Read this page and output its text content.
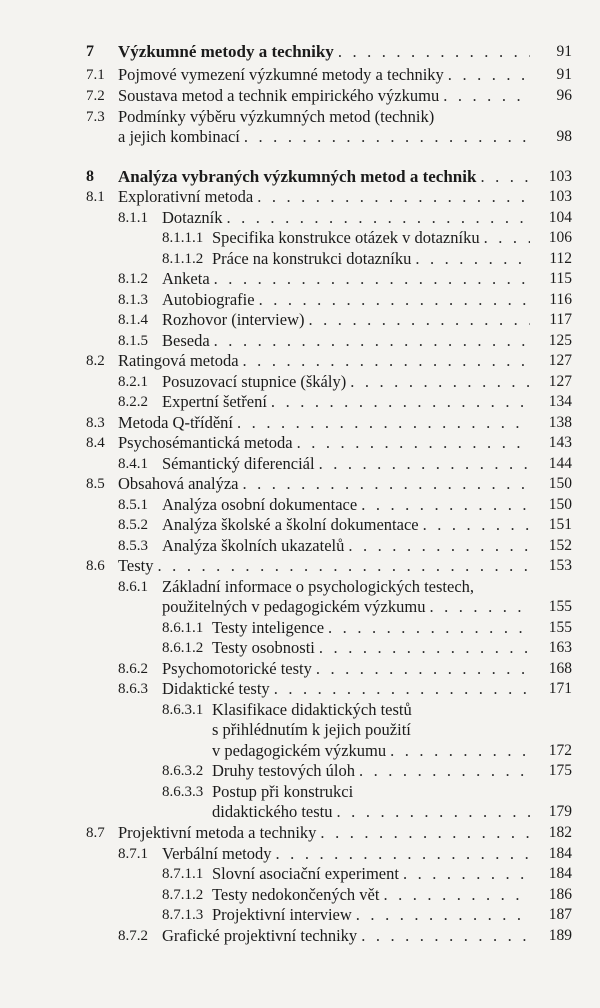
7 Výzkumné metody a techniky . . .	91
7.1 Pojmové vymezení výzkumné metody a techniky . . .	91
7.2 Soustava metod a technik empirického výzkumu . . .	96
7.3 Podmínky výběru výzkumných metod (technik)
a jejich kombinací . . .	98
8 Analýza vybraných výzkumných metod a technik . . .	103
8.1 Explorativní metoda . . .	103
8.1.1 Dotazník . . .	104
8.1.1.1 Specifika konstrukce otázek v dotazníku . . .	106
8.1.1.2 Práce na konstrukci dotazníku . . .	112
8.1.2 Anketa . . .	115
8.1.3 Autobiografie . . .	116
8.1.4 Rozhovor (interview) . . .	117
8.1.5 Beseda . . .	125
8.2 Ratingová metoda . . .	127
8.2.1 Posuzovací stupnice (škály) . . .	127
8.2.2 Expertní šetření . . .	134
8.3 Metoda Q-třídění . . .	138
8.4 Psychosémantická metoda . . .	143
8.4.1 Sémantický diferenciál . . .	144
8.5 Obsahová analýza . . .	150
8.5.1 Analýza osobní dokumentace . . .	150
8.5.2 Analýza školské a školní dokumentace . . .	151
8.5.3 Analýza školních ukazatelů . . .	152
8.6 Testy . . .	153
8.6.1 Základní informace o psychologických testech,
použitelných v pedagogickém výzkumu . . .	155
8.6.1.1 Testy inteligence . . .	155
8.6.1.2 Testy osobnosti . . .	163
8.6.2 Psychomotorické testy . . .	168
8.6.3 Didaktické testy . . .	171
8.6.3.1 Klasifikace didaktických testů
s přihlédnutím k jejich použití
v pedagogickém výzkumu . . .	172
8.6.3.2 Druhy testových úloh . . .	175
8.6.3.3 Postup při konstrukci
didaktického testu . . .	179
8.7 Projektivní metoda a techniky . . .	182
8.7.1 Verbální metody . . .	184
8.7.1.1 Slovní asociační experiment . . .	184
8.7.1.2 Testy nedokončených vět . . .	186
8.7.1.3 Projektivní interview . . .	187
8.7.2 Grafické projektivní techniky . . .	189
